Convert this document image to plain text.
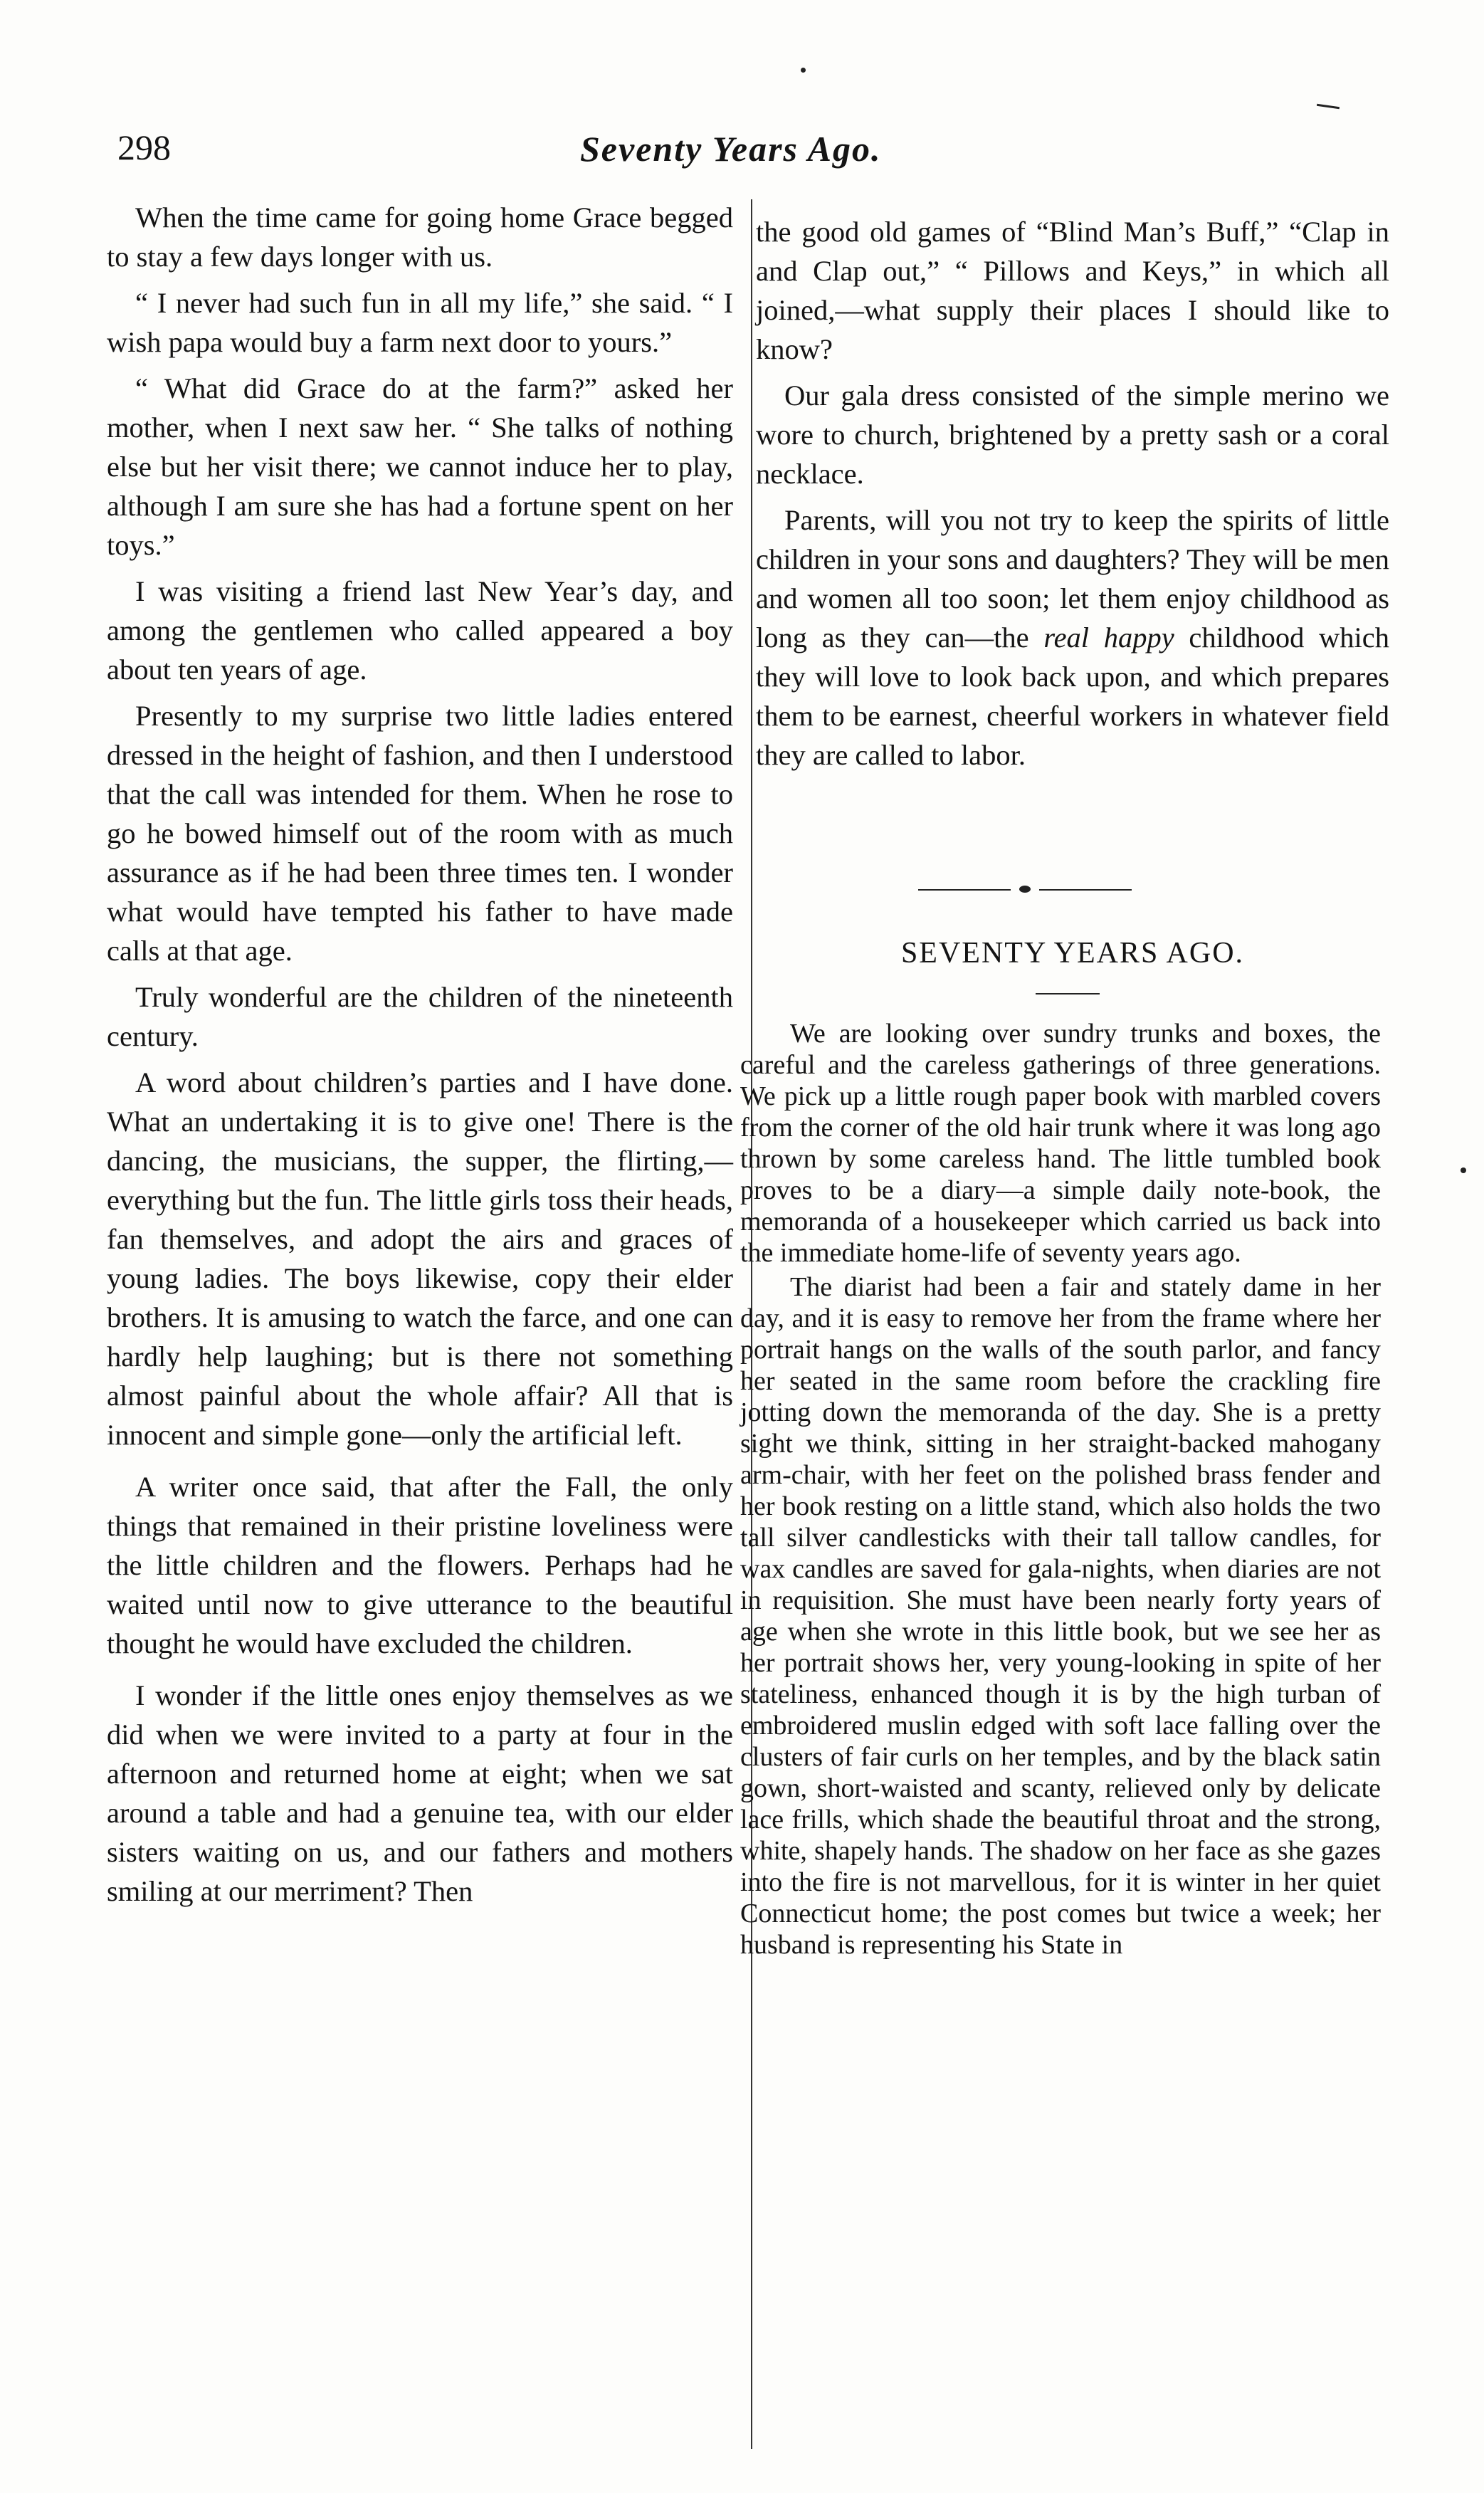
298	Seventy Years Ago.

When the time came for going home Grace begged to stay a few days longer with us.

“ I never had such fun in all my life,” she said. “ I wish papa would buy a farm next door to yours.”

“ What did Grace do at the farm?” asked her mother, when I next saw her. “ She talks of nothing else but her visit there; we cannot induce her to play, although I am sure she has had a fortune spent on her toys.”

I was visiting a friend last New Year’s day, and among the gentlemen who called appeared a boy about ten years of age.

Presently to my surprise two little ladies entered dressed in the height of fashion, and then I understood that the call was intended for them. When he rose to go he bowed himself out of the room with as much assurance as if he had been three times ten. I wonder what would have tempted his father to have made calls at that age.

Truly wonderful are the children of the nineteenth century.

A word about children’s parties and I have done. What an undertaking it is to give one! There is the dancing, the musicians, the supper, the flirting,—everything but the fun. The little girls toss their heads, fan themselves, and adopt the airs and graces of young ladies. The boys likewise, copy their elder brothers. It is amusing to watch the farce, and one can hardly help laughing; but is there not something almost painful about the whole affair? All that is innocent and simple gone—only the artificial left.

A writer once said, that after the Fall, the only things that remained in their pristine loveliness were the little children and the flowers. Perhaps had he waited until now to give utterance to the beautiful thought he would have excluded the children.

I wonder if the little ones enjoy themselves as we did when we were invited to a party at four in the afternoon and returned home at eight; when we sat around a table and had a genuine tea, with our elder sisters waiting on us, and our fathers and mothers smiling at our merriment? Then

the good old games of “Blind Man’s Buff,” “Clap in and Clap out,” “ Pillows and Keys,” in which all joined,—what supply their places I should like to know?

Our gala dress consisted of the simple merino we wore to church, brightened by a pretty sash or a coral necklace.

Parents, will you not try to keep the spirits of little children in your sons and daughters? They will be men and women all too soon; let them enjoy childhood as long as they can—the real happy childhood which they will love to look back upon, and which prepares them to be earnest, cheerful workers in whatever field they are called to labor.

SEVENTY YEARS AGO.

We are looking over sundry trunks and boxes, the careful and the careless gatherings of three generations. We pick up a little rough paper book with marbled covers from the corner of the old hair trunk where it was long ago thrown by some careless hand. The little tumbled book proves to be a diary—a simple daily note-book, the memoranda of a housekeeper which carried us back into the immediate home-life of seventy years ago.

The diarist had been a fair and stately dame in her day, and it is easy to remove her from the frame where her portrait hangs on the walls of the south parlor, and fancy her seated in the same room before the crackling fire jotting down the memoranda of the day. She is a pretty sight we think, sitting in her straight-backed mahogany arm-chair, with her feet on the polished brass fender and her book resting on a little stand, which also holds the two tall silver candlesticks with their tall tallow candles, for wax candles are saved for gala-nights, when diaries are not in requisition. She must have been nearly forty years of age when she wrote in this little book, but we see her as her portrait shows her, very young-looking in spite of her stateliness, enhanced though it is by the high turban of embroidered muslin edged with soft lace falling over the clusters of fair curls on her temples, and by the black satin gown, short-waisted and scanty, relieved only by delicate lace frills, which shade the beautiful throat and the strong, white, shapely hands. The shadow on her face as she gazes into the fire is not marvellous, for it is winter in her quiet Connecticut home; the post comes but twice a week; her husband is representing his State in
